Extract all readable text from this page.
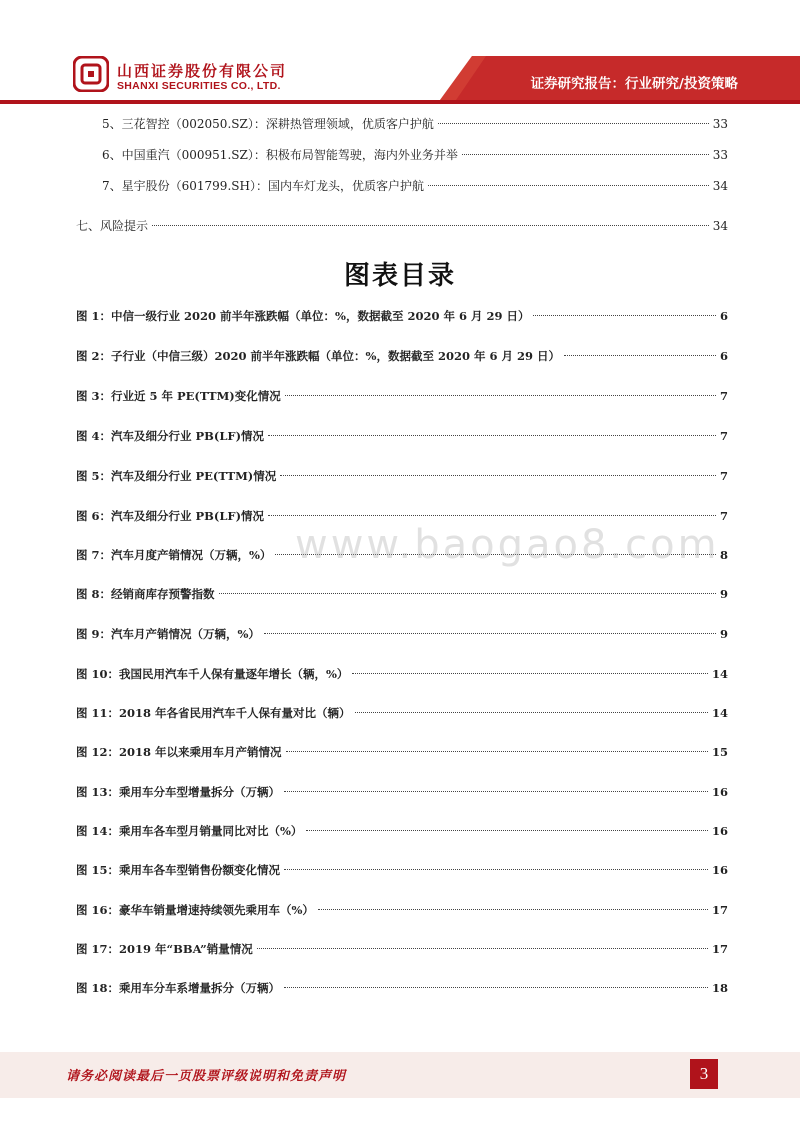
山西证券股份有限公司
SHANXI SECURITIES CO., LTD.	证券研究报告：行业研究/投资策略
5、三花智控（002050.SZ）：深耕热管理领域，优质客户护航	33
6、中国重汽（000951.SZ）：积极布局智能驾驶，海内外业务并举	33
7、星宇股份（601799.SH）：国内车灯龙头，优质客户护航	34
七、风险提示	34
图表目录
图 1：中信一级行业 2020 前半年涨跌幅（单位：%，数据截至 2020 年 6 月 29 日）	6
图 2：子行业（中信三级）2020 前半年涨跌幅（单位：%，数据截至 2020 年 6 月 29 日）	6
图 3：行业近 5 年 PE(TTM)变化情况	7
图 4：汽车及细分行业 PB(LF)情况	7
图 5：汽车及细分行业 PE(TTM)情况	7
图 6：汽车及细分行业 PB(LF)情况	7
图 7：汽车月度产销情况（万辆，%）	8
图 8：经销商库存预警指数	9
图 9：汽车月产销情况（万辆，%）	9
图 10：我国民用汽车千人保有量逐年增长（辆，%）	14
图 11：2018 年各省民用汽车千人保有量对比（辆）	14
图 12：2018 年以来乘用车月产销情况	15
图 13：乘用车分车型增量拆分（万辆）	16
图 14：乘用车各车型月销量同比对比（%）	16
图 15：乘用车各车型销售份额变化情况	16
图 16：豪华车销量增速持续领先乘用车（%）	17
图 17：2019 年“BBA”销量情况	17
图 18：乘用车分车系增量拆分（万辆）	18
www.baogao8.com
请务必阅读最后一页股票评级说明和免责声明	3
